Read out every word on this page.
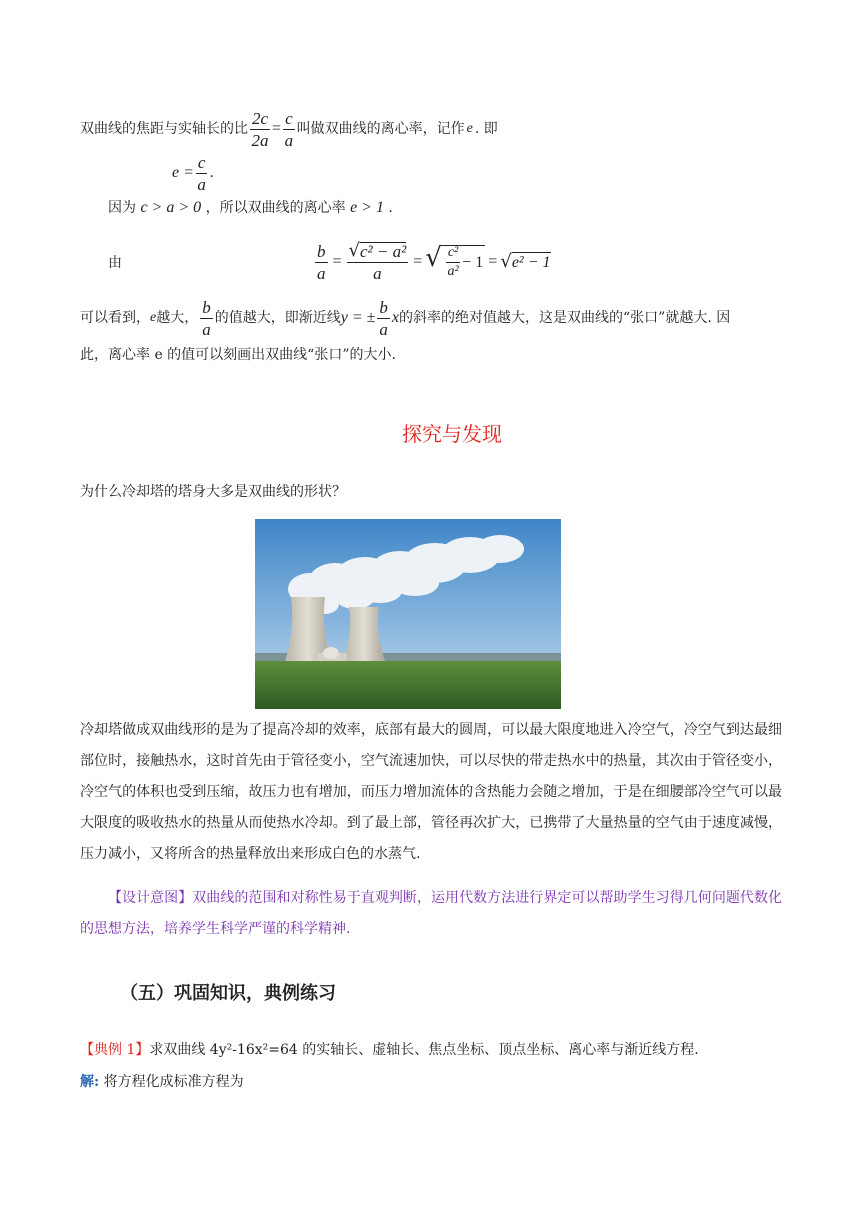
双曲线的焦距与实轴长的比 $\frac{2c}{2a} = \frac{c}{a}$ 叫做双曲线的离心率，记作 e . 即
$e = \frac{c}{a}$ .
因为 c > a > 0 ，所以双曲线的离心率 e > 1 .
由	$\frac{b}{a} = \frac{\text{√ c² − a²}}{a}$ = √ $\frac{\text{c²}}{\text{a²}} - 1$ = √ e² − 1
可以看到， e 越大， $\frac{b}{a}$ 的值越大，即渐近线 y = ± $\frac{b}{a}$ x 的斜率的绝对值越大，这是双曲线的“张口”就越大. 因
此，离心率 e 的值可以刻画出双曲线“张口”的大小.
探究与发现
为什么冷却塔的塔身大多是双曲线的形状？
冷却塔做成双曲线形的是为了提高冷却的效率，底部有最大的圆周，可以最大限度地进入冷空气，冷空气到达最细部位时，接触热水，这时首先由于管径变小，空气流速加快，可以尽快的带走热水中的热量，其次由于管径变小，冷空气的体积也受到压缩，故压力也有增加，而压力增加流体的含热能力会随之增加，于是在细腰部冷空气可以最大限度的吸收热水的热量从而使热水冷却。到了最上部，管径再次扩大，已携带了大量热量的空气由于速度减慢，压力减小，又将所含的热量释放出来形成白色的水蒸气.
【设计意图】双曲线的范围和对称性易于直观判断，运用代数方法进行界定可以帮助学生习得几何问题代数化的思想方法，培养学生科学严谨的科学精神.
（五）巩固知识，典例练习
【典例 1】求双曲线 4y²-16x²=64 的实轴长、虚轴长、焦点坐标、顶点坐标、离心率与渐近线方程.
解: 将方程化成标准方程为
